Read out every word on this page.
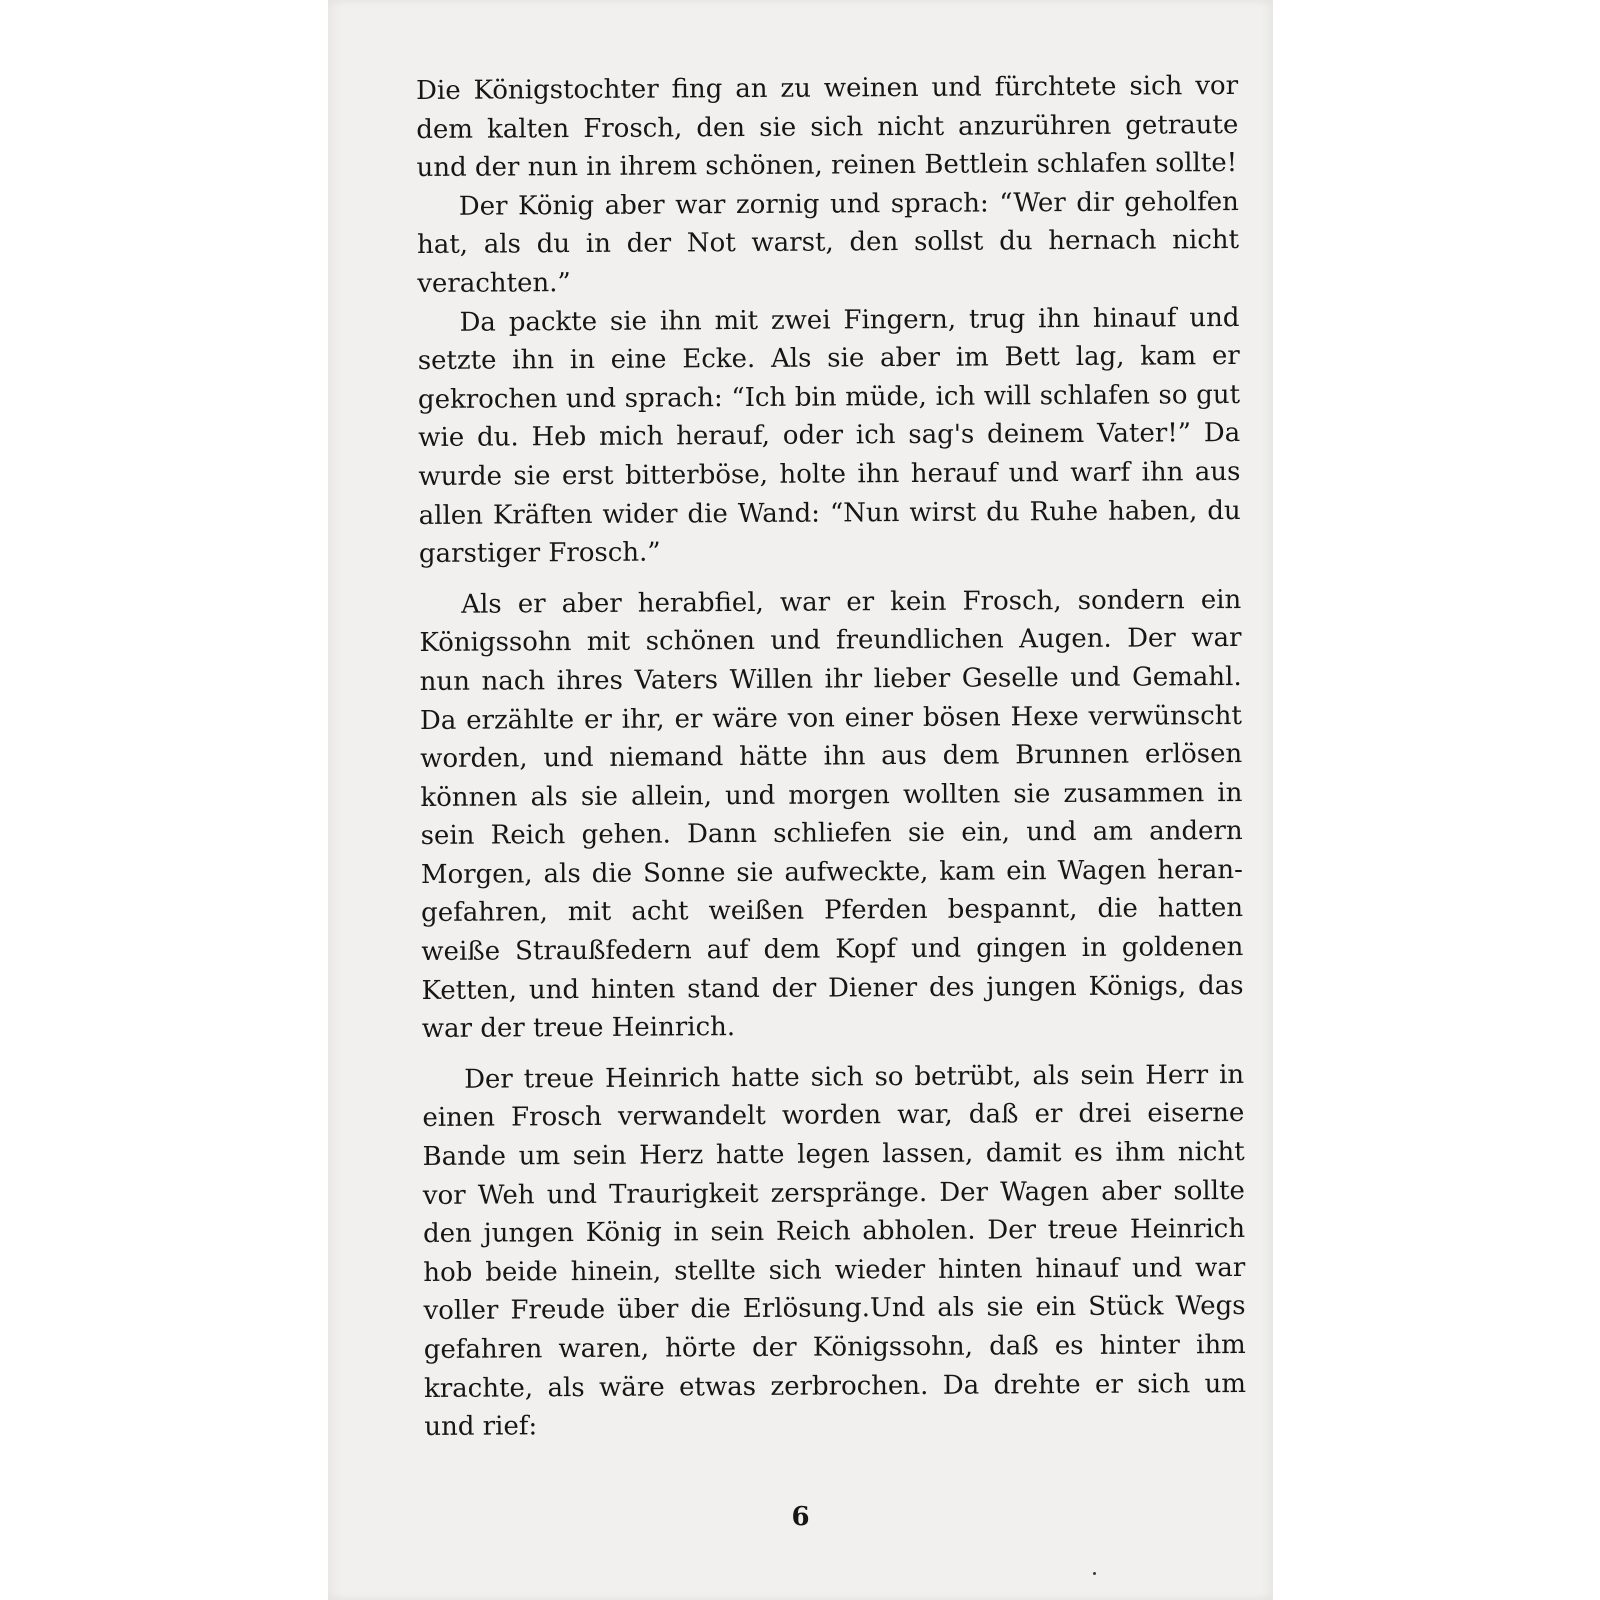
Die Königstochter fing an zu weinen und fürchtete sich vor dem kalten Frosch, den sie sich nicht anzurühren getraute und der nun in ihrem schönen, reinen Bettlein schlafen sollte!

Der König aber war zornig und sprach: “Wer dir geholfen hat, als du in der Not warst, den sollst du hernach nicht verachten.”

Da packte sie ihn mit zwei Fingern, trug ihn hinauf und setzte ihn in eine Ecke. Als sie aber im Bett lag, kam er gekrochen und sprach: “Ich bin müde, ich will schlafen so gut wie du. Heb mich herauf, oder ich sag's deinem Vater!” Da wurde sie erst bitterböse, holte ihn herauf und warf ihn aus allen Kräften wider die Wand: “Nun wirst du Ruhe haben, du garstiger Frosch.”

Als er aber herabfiel, war er kein Frosch, sondern ein Königssohn mit schönen und freundlichen Augen. Der war nun nach ihres Vaters Willen ihr lieber Geselle und Gemahl. Da erzählte er ihr, er wäre von einer bösen Hexe verwünscht worden, und niemand hätte ihn aus dem Brunnen erlösen können als sie allein, und morgen wollten sie zusammen in sein Reich gehen. Dann schliefen sie ein, und am andern Morgen, als die Sonne sie aufweckte, kam ein Wagen heran-gefahren, mit acht weißen Pferden bespannt, die hatten weiße Straußfedern auf dem Kopf und gingen in goldenen Ketten, und hinten stand der Diener des jungen Königs, das war der treue Heinrich.

Der treue Heinrich hatte sich so betrübt, als sein Herr in einen Frosch verwandelt worden war, daß er drei eiserne Bande um sein Herz hatte legen lassen, damit es ihm nicht vor Weh und Traurigkeit zerspränge. Der Wagen aber sollte den jungen König in sein Reich abholen. Der treue Heinrich hob beide hinein, stellte sich wieder hinten hinauf und war voller Freude über die Erlösung.Und als sie ein Stück Wegs gefahren waren, hörte der Königssohn, daß es hinter ihm krachte, als wäre etwas zerbrochen. Da drehte er sich um und rief:

6
